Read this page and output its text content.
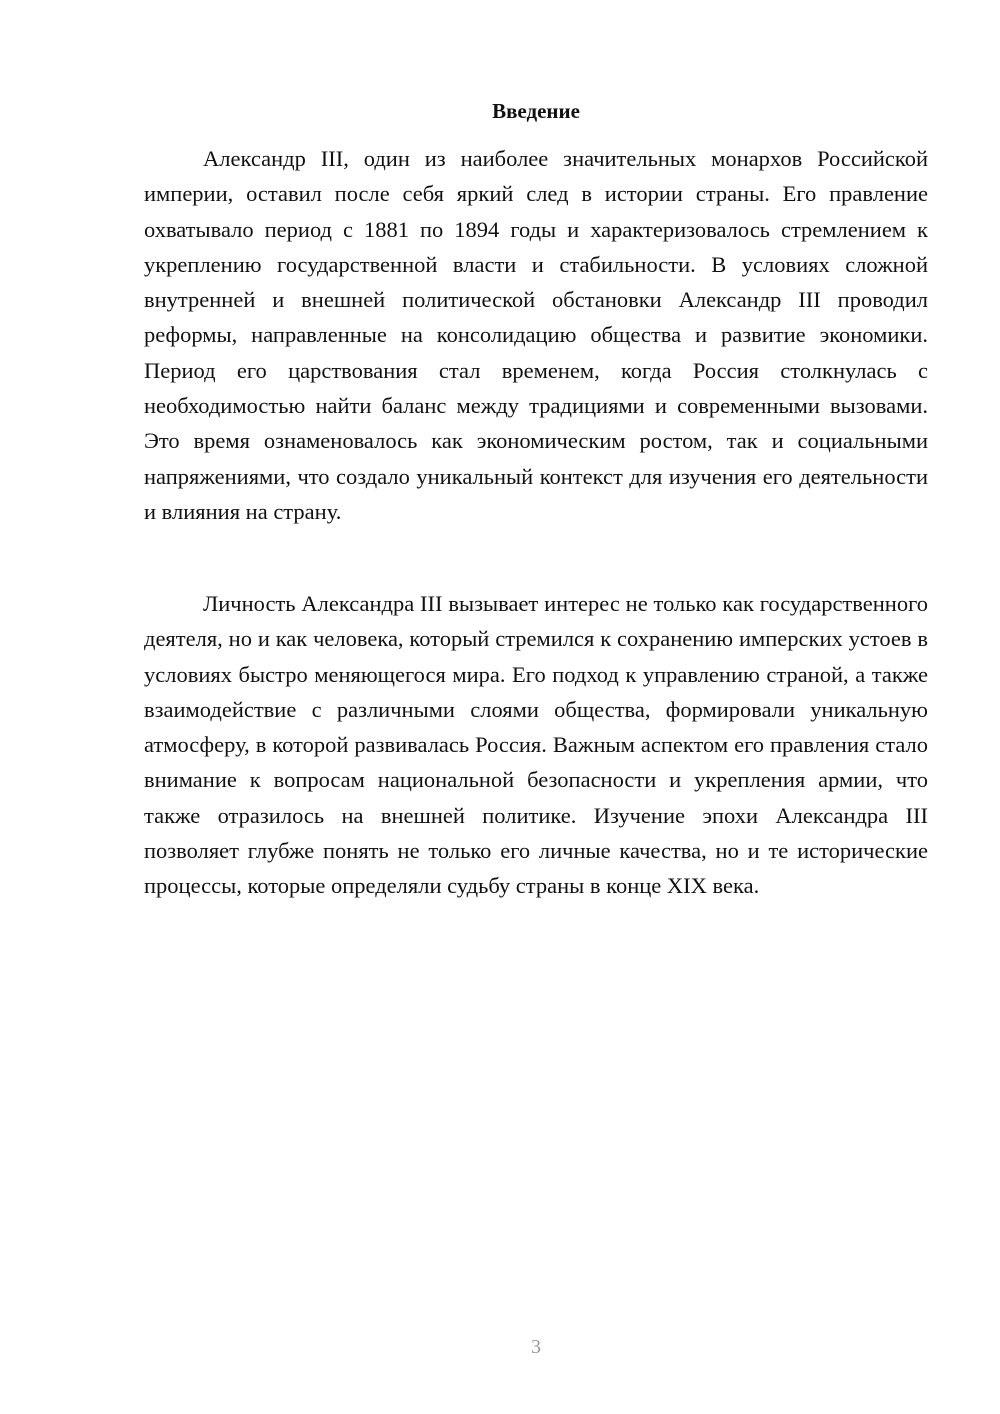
Введение

Александр III, один из наиболее значительных монархов Российской империи, оставил после себя яркий след в истории страны. Его правление охватывало период с 1881 по 1894 годы и характеризовалось стремлением к укреплению государственной власти и стабильности. В условиях сложной внутренней и внешней политической обстановки Александр III проводил реформы, направленные на консолидацию общества и развитие экономики. Период его царствования стал временем, когда Россия столкнулась с необходимостью найти баланс между традициями и современными вызовами. Это время ознаменовалось как экономическим ростом, так и социальными напряжениями, что создало уникальный контекст для изучения его деятельности и влияния на страну.

Личность Александра III вызывает интерес не только как государственного деятеля, но и как человека, который стремился к сохранению имперских устоев в условиях быстро меняющегося мира. Его подход к управлению страной, а также взаимодействие с различными слоями общества, формировали уникальную атмосферу, в которой развивалась Россия. Важным аспектом его правления стало внимание к вопросам национальной безопасности и укрепления армии, что также отразилось на внешней политике. Изучение эпохи Александра III позволяет глубже понять не только его личные качества, но и те исторические процессы, которые определяли судьбу страны в конце XIX века.

3
